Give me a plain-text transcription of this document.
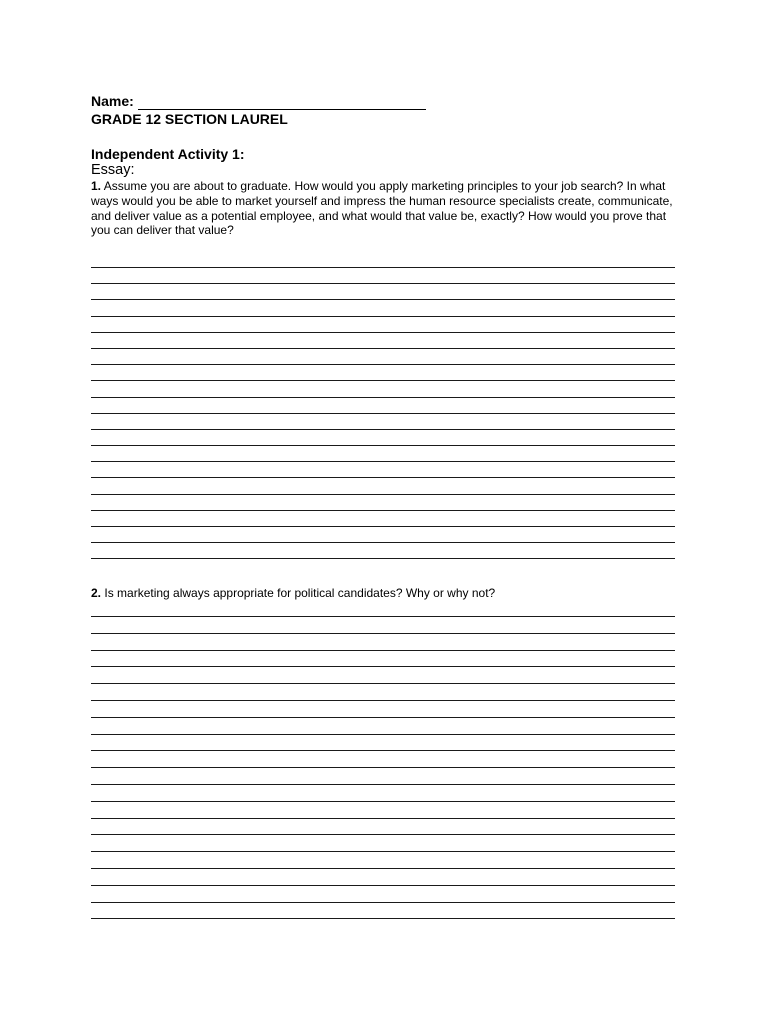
Name:
GRADE 12 SECTION LAUREL
Independent Activity 1:
Essay:
1. Assume you are about to graduate. How would you apply marketing principles to your job search? In what ways would you be able to market yourself and impress the human resource specialists create, communicate, and deliver value as a potential employee, and what would that value be, exactly? How would you prove that you can deliver that value?
2. Is marketing always appropriate for political candidates? Why or why not?
